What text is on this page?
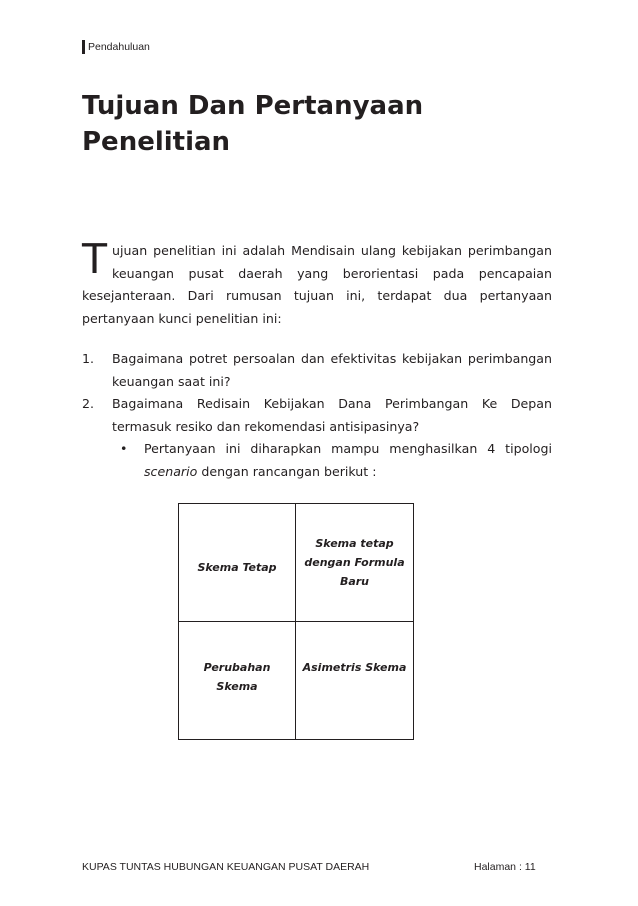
Pendahuluan
Tujuan Dan Pertanyaan
Penelitian
Tujuan penelitian ini adalah Mendisain ulang kebijakan perimbangan keuangan pusat daerah yang berorientasi pada pencapaian kesejanteraan. Dari rumusan tujuan ini, terdapat dua pertanyaan pertanyaan kunci penelitian ini:
1. Bagaimana potret persoalan dan efektivitas kebijakan perimbangan keuangan saat ini?
2. Bagaimana Redisain Kebijakan Dana Perimbangan Ke Depan termasuk resiko dan rekomendasi antisipasinya?
• Pertanyaan ini diharapkan mampu menghasilkan 4 tipologi scenario dengan rancangan berikut :
Skema Tetap
Skema tetap dengan Formula Baru
Perubahan Skema
Asimetris Skema
KUPAS TUNTAS HUBUNGAN KEUANGAN PUSAT DAERAH	Halaman : 11
